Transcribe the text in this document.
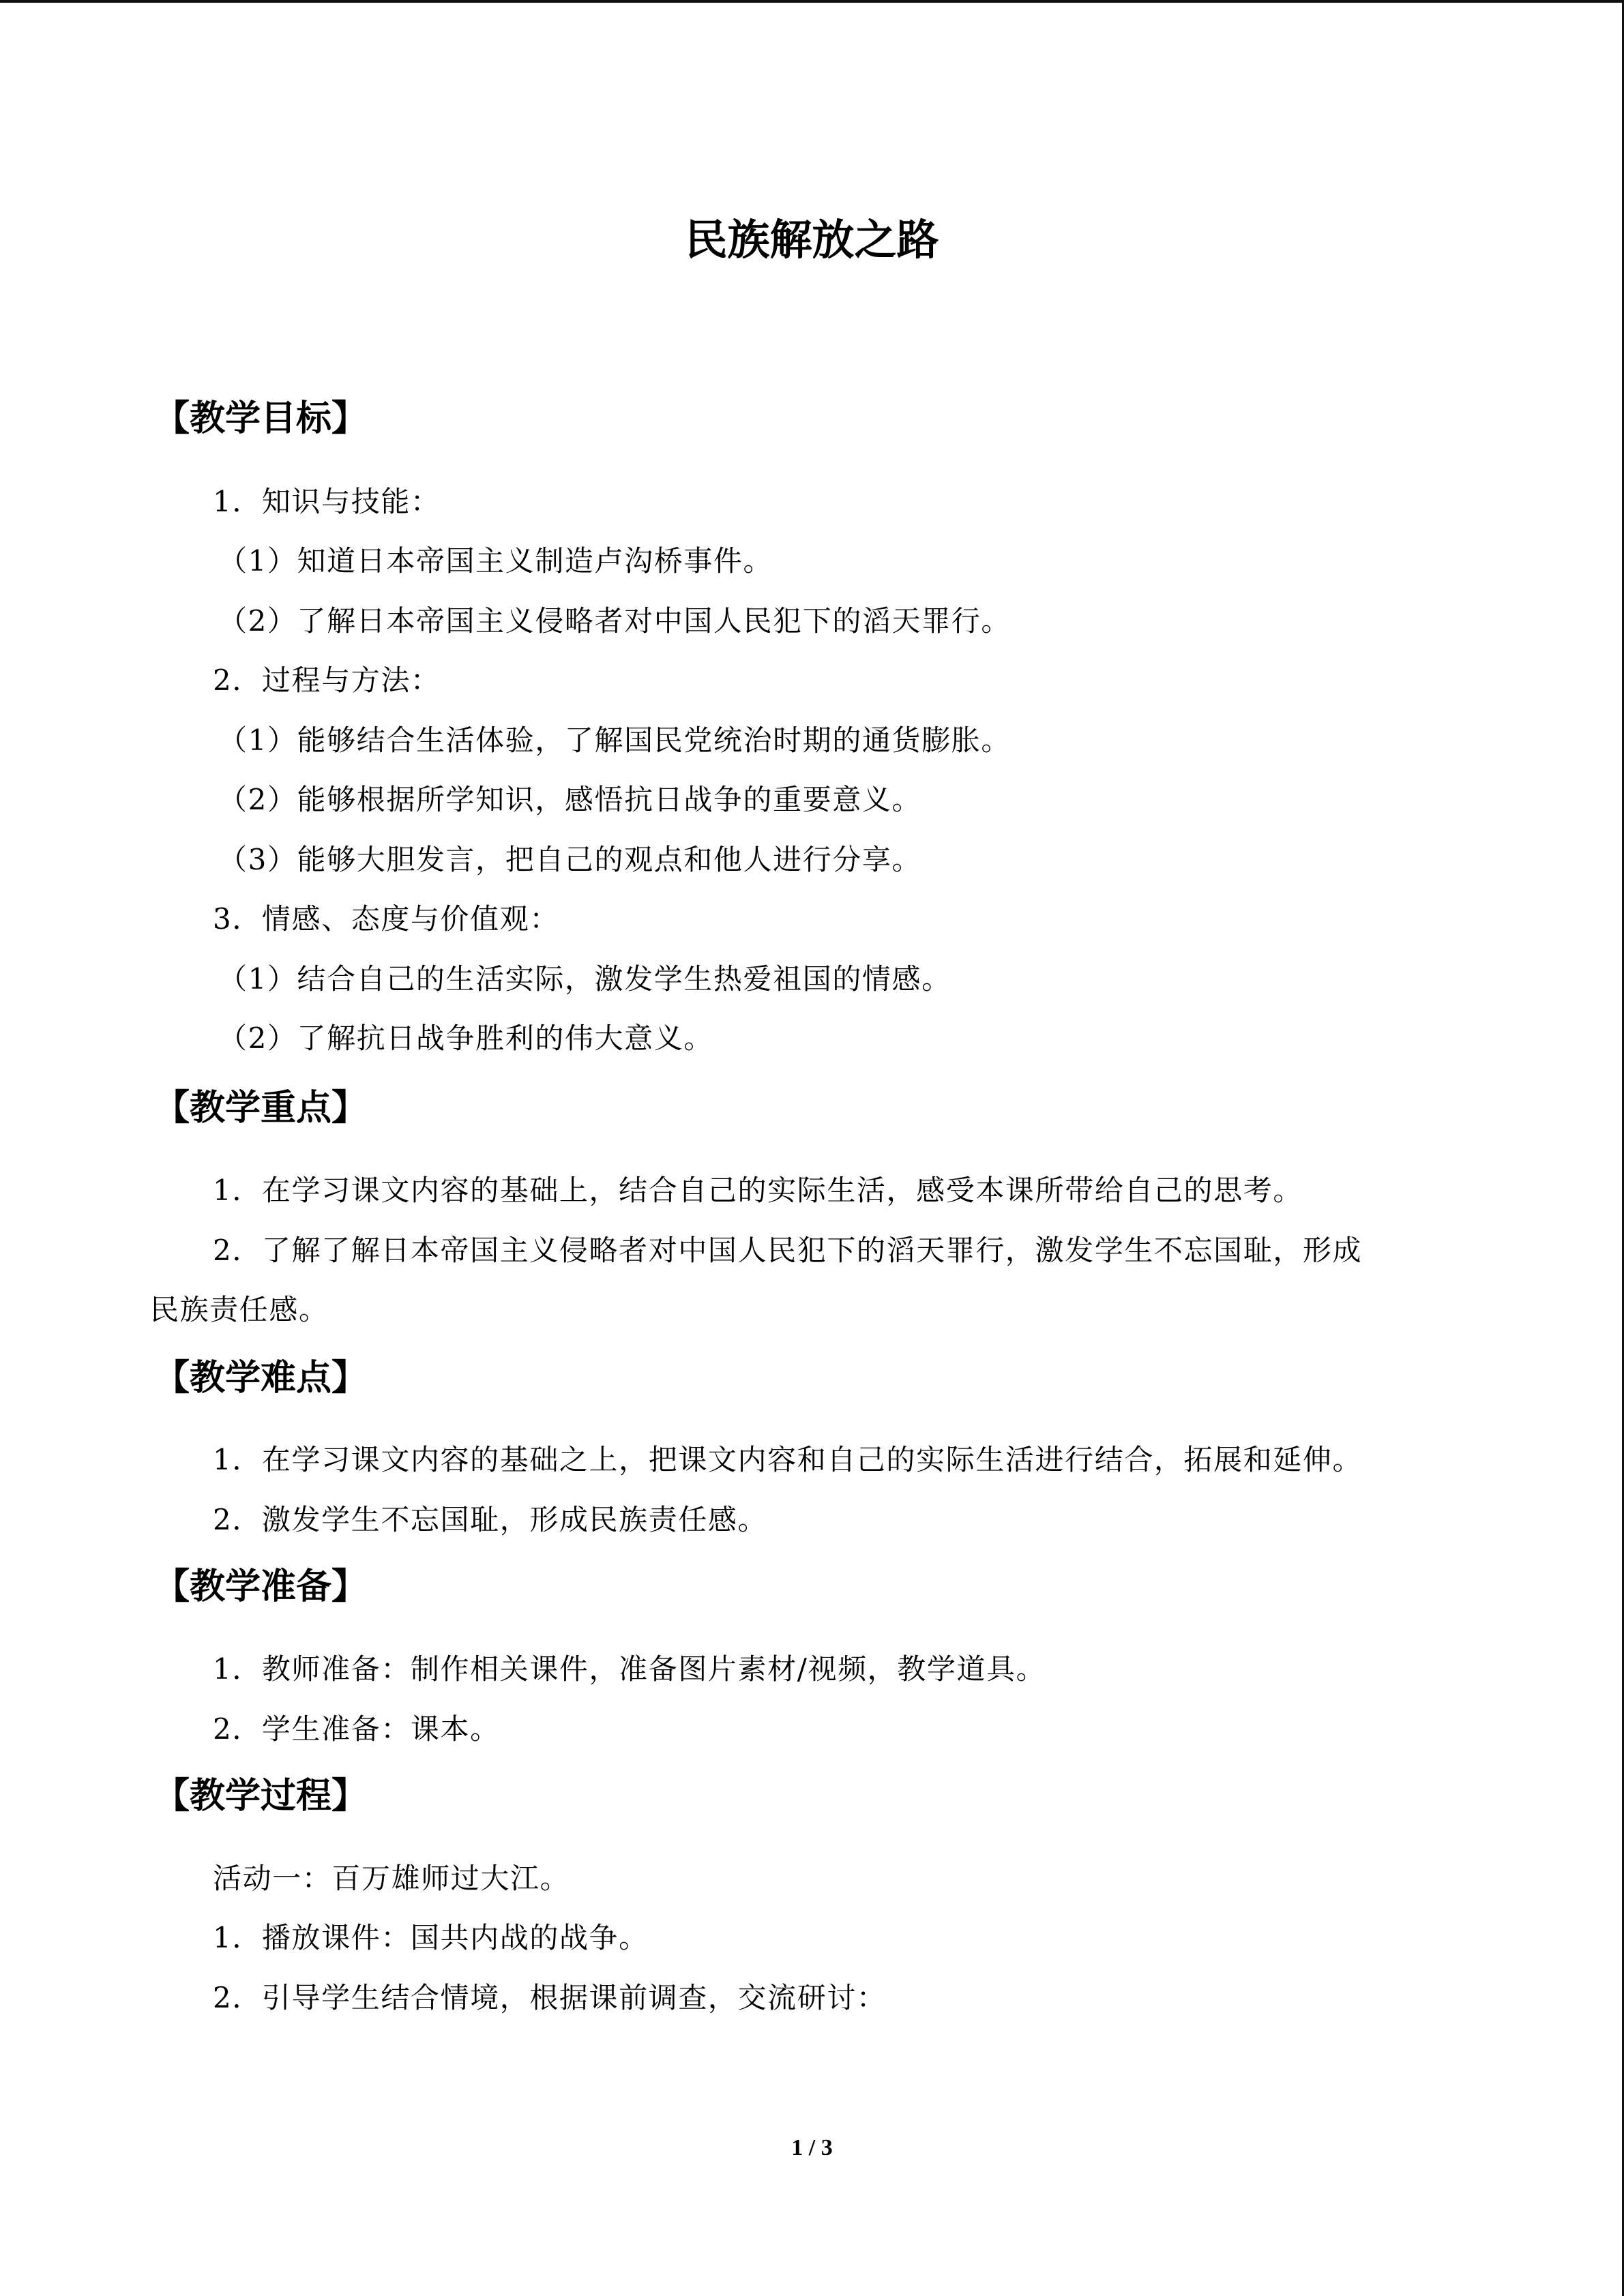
民族解放之路
【教学目标】
1．知识与技能：
（1）知道日本帝国主义制造卢沟桥事件。
（2）了解日本帝国主义侵略者对中国人民犯下的滔天罪行。
2．过程与方法：
（1）能够结合生活体验，了解国民党统治时期的通货膨胀。
（2）能够根据所学知识，感悟抗日战争的重要意义。
（3）能够大胆发言，把自己的观点和他人进行分享。
3．情感、态度与价值观：
（1）结合自己的生活实际，激发学生热爱祖国的情感。
（2）了解抗日战争胜利的伟大意义。
【教学重点】
1．在学习课文内容的基础上，结合自己的实际生活，感受本课所带给自己的思考。
2．了解了解日本帝国主义侵略者对中国人民犯下的滔天罪行，激发学生不忘国耻，形成
民族责任感。
【教学难点】
1．在学习课文内容的基础之上，把课文内容和自己的实际生活进行结合，拓展和延伸。
2．激发学生不忘国耻，形成民族责任感。
【教学准备】
1．教师准备：制作相关课件，准备图片素材/视频，教学道具。
2．学生准备：课本。
【教学过程】
活动一：百万雄师过大江。
1．播放课件：国共内战的战争。
2．引导学生结合情境，根据课前调查，交流研讨：
1 / 3
